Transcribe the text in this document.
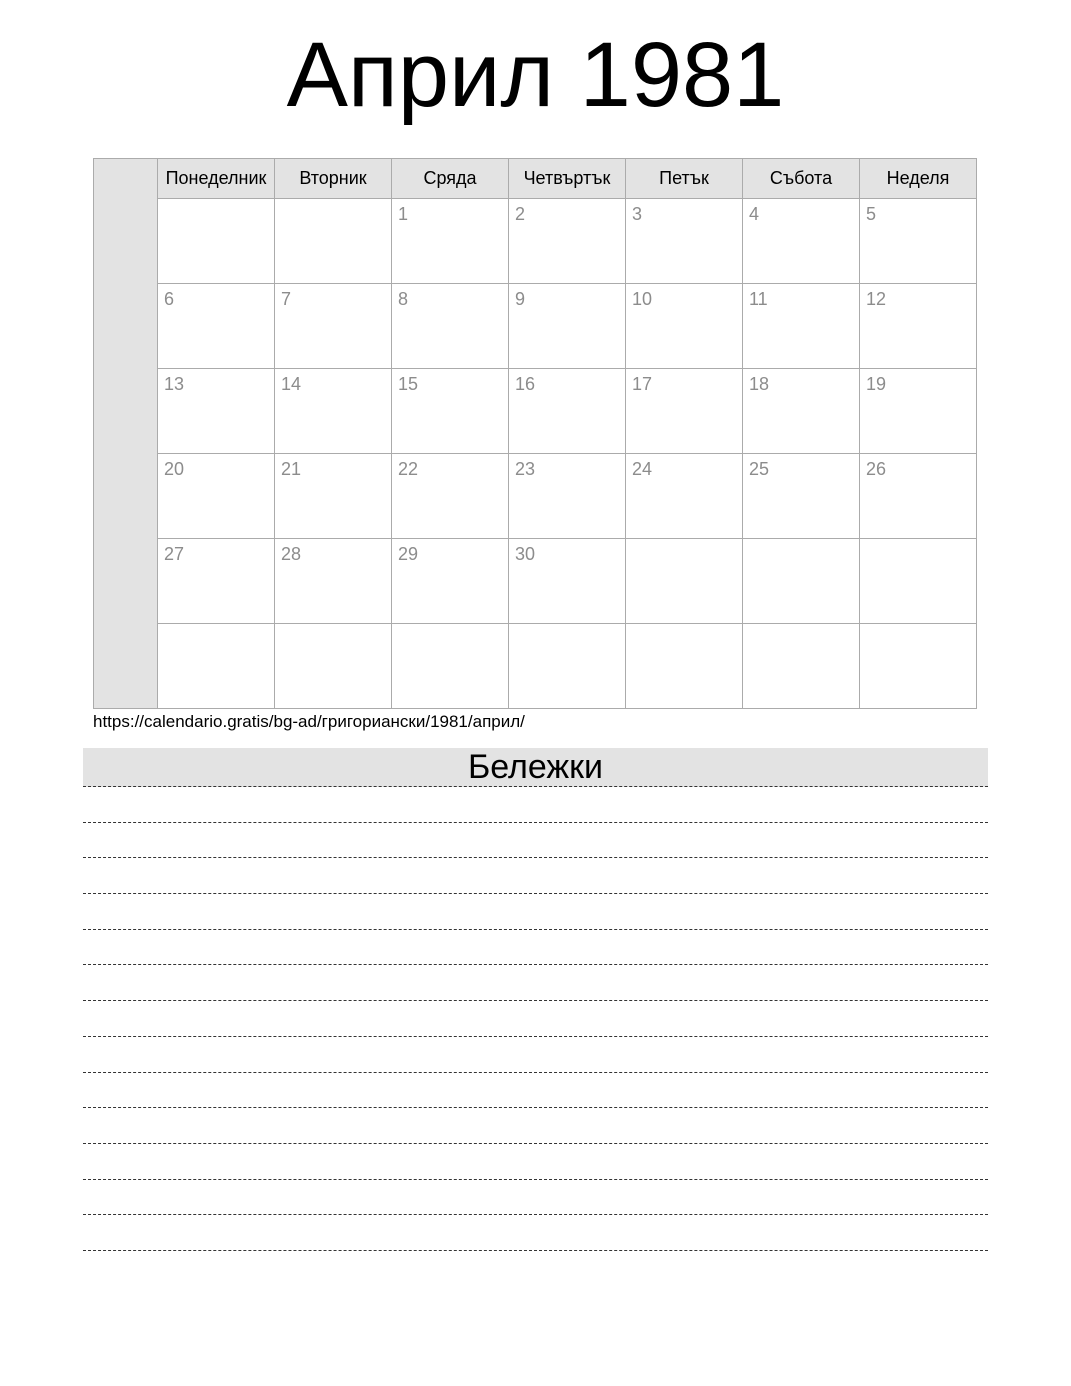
Април 1981
	Понеделник	Вторник	Сряда	Четвъртък	Петък	Събота	Неделя
			1	2	3	4	5
	6	7	8	9	10	11	12
	13	14	15	16	17	18	19
	20	21	22	23	24	25	26
	27	28	29	30			

https://calendario.gratis/bg-ad/григориански/1981/април/
Бележки
